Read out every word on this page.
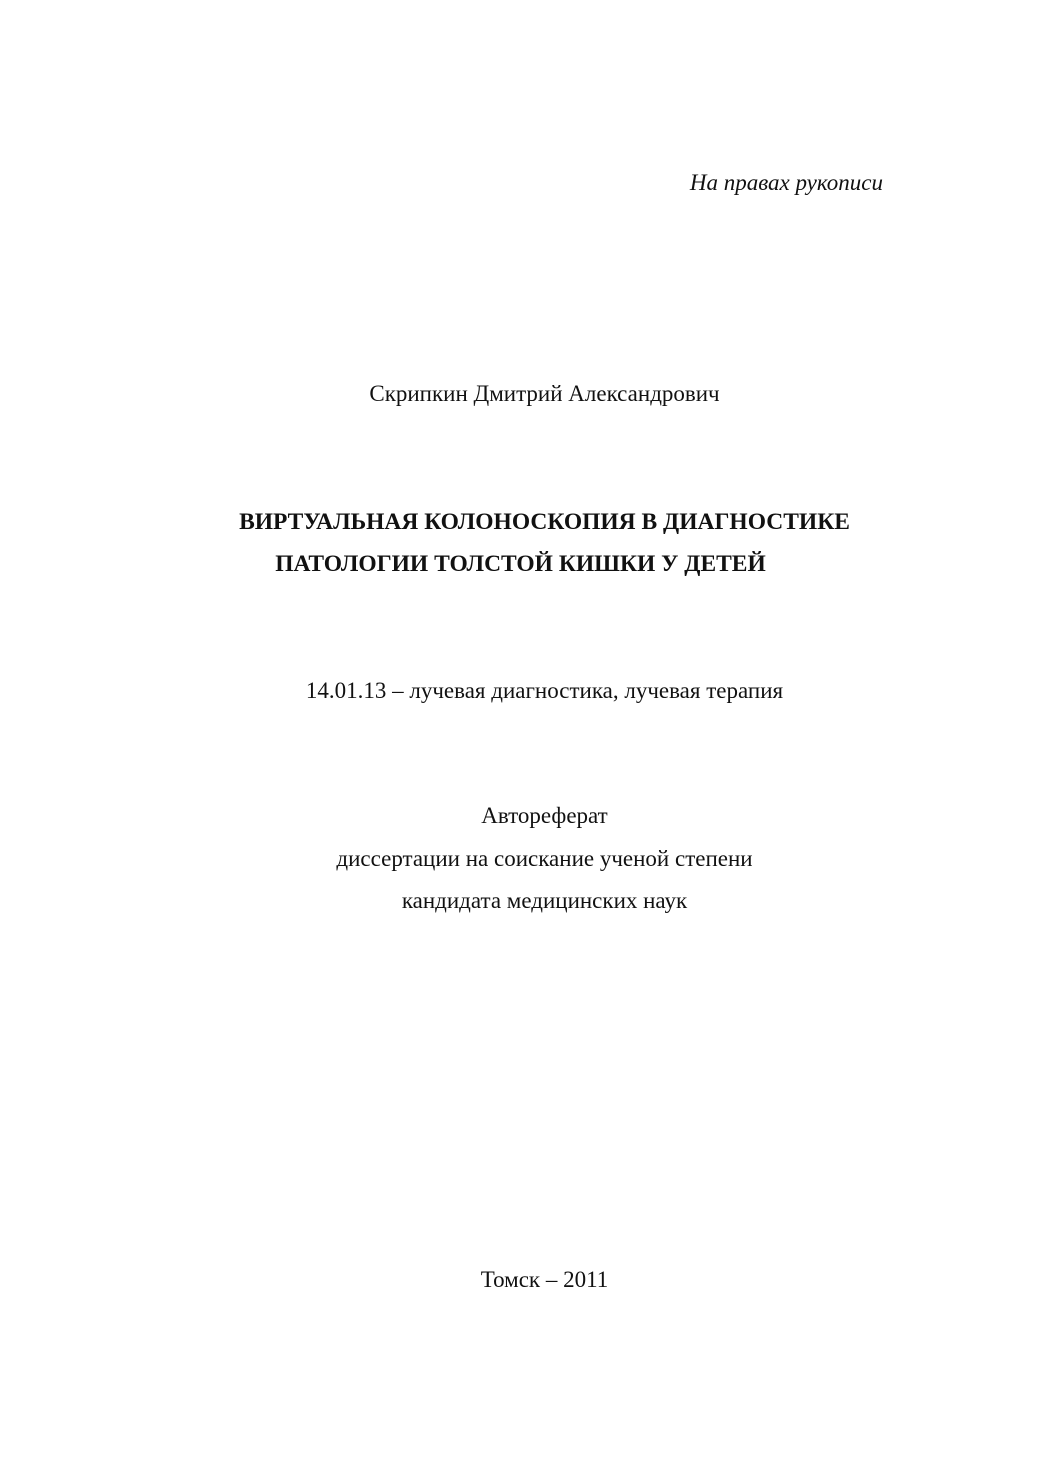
На правах рукописи

Скрипкин Дмитрий Александрович

ВИРТУАЛЬНАЯ КОЛОНОСКОПИЯ В ДИАГНОСТИКЕ

ПАТОЛОГИИ ТОЛСТОЙ КИШКИ У ДЕТЕЙ

14.01.13 – лучевая диагностика, лучевая терапия

Автореферат

диссертации на соискание ученой степени

кандидата медицинских наук

Томск – 2011
